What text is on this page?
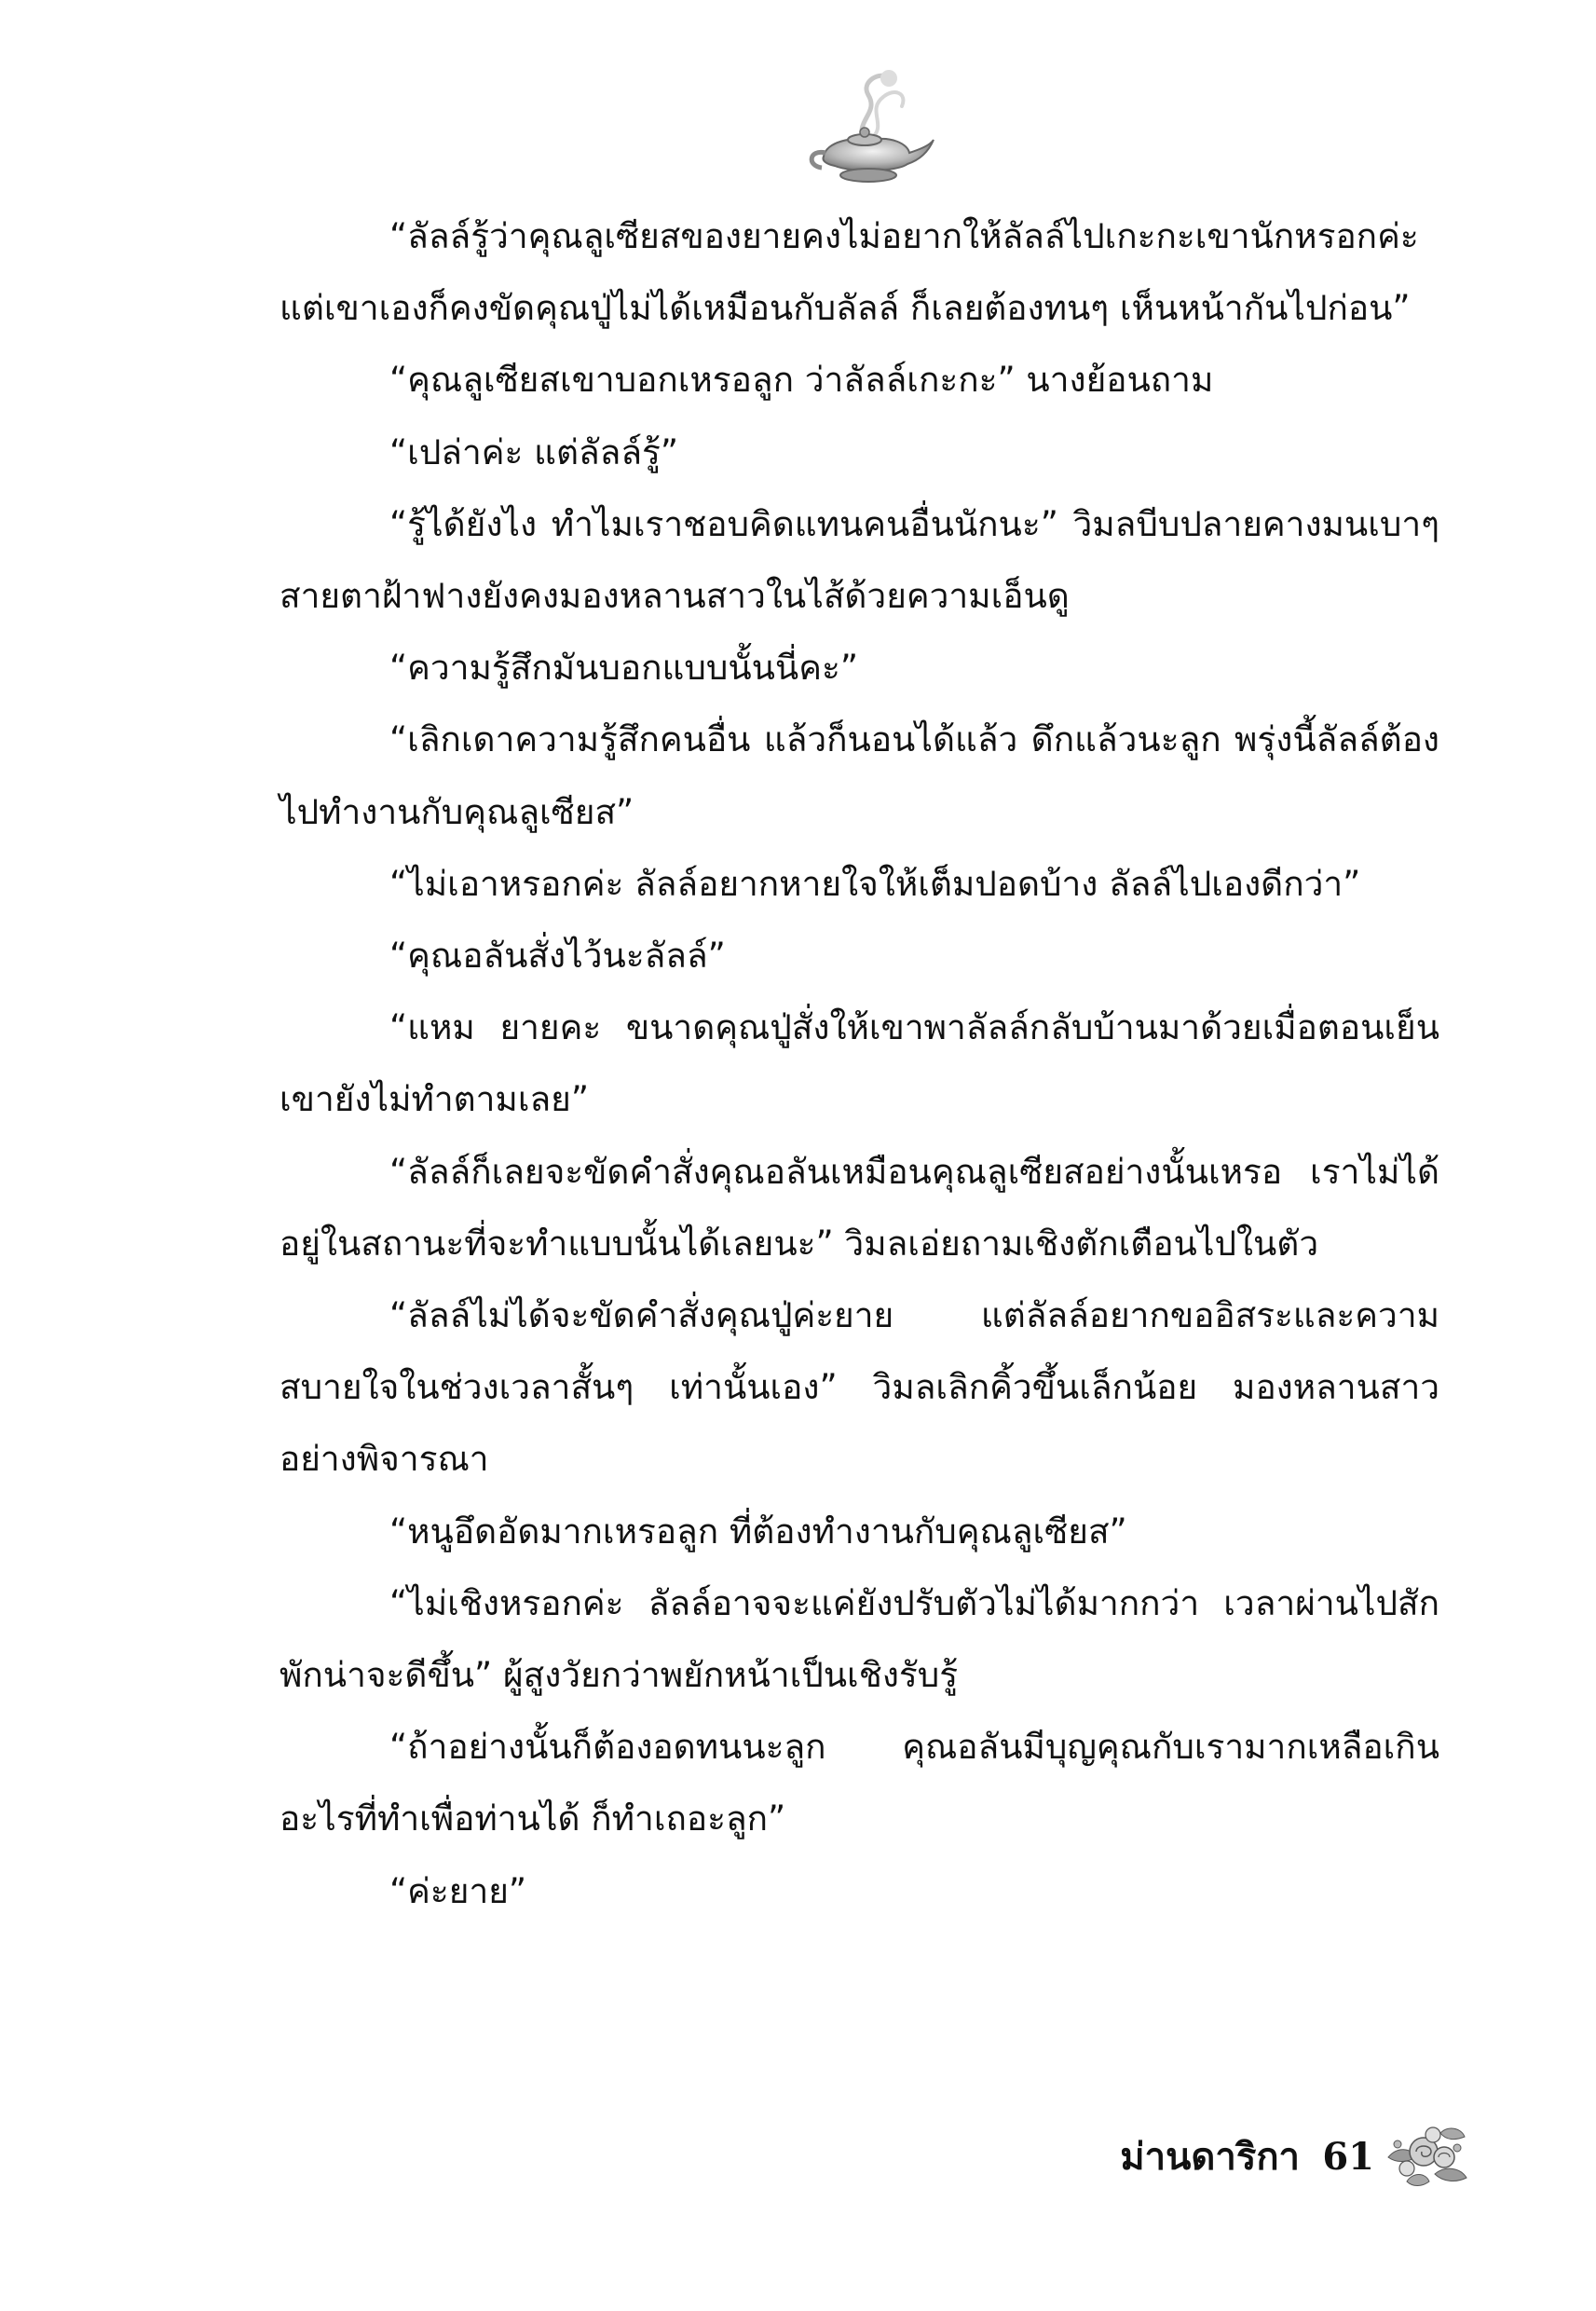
“ลัลล์รู้ว่าคุณลูเซียสของยายคงไม่อยากให้ลัลล์ไปเกะกะเขานักหรอกค่ะ แต่เขาเองก็คงขัดคุณปู่ไม่ได้เหมือนกับลัลล์ ก็เลยต้องทนๆ เห็นหน้ากันไปก่อน”

“คุณลูเซียสเขาบอกเหรอลูก ว่าลัลล์เกะกะ” นางย้อนถาม

“เปล่าค่ะ แต่ลัลล์รู้”

“รู้ได้ยังไง ทำไมเราชอบคิดแทนคนอื่นนักนะ” วิมลบีบปลายคางมนเบาๆ สายตาฝ้าฟางยังคงมองหลานสาวในไส้ด้วยความเอ็นดู

“ความรู้สึกมันบอกแบบนั้นนี่คะ”

“เลิกเดาความรู้สึกคนอื่น แล้วก็นอนได้แล้ว ดึกแล้วนะลูก พรุ่งนี้ลัลล์ต้องไปทำงานกับคุณลูเซียส”

“ไม่เอาหรอกค่ะ ลัลล์อยากหายใจให้เต็มปอดบ้าง ลัลล์ไปเองดีกว่า”

“คุณอลันสั่งไว้นะลัลล์”

“แหม ยายคะ ขนาดคุณปู่สั่งให้เขาพาลัลล์กลับบ้านมาด้วยเมื่อตอนเย็น เขายังไม่ทำตามเลย”

“ลัลล์ก็เลยจะขัดคำสั่งคุณอลันเหมือนคุณลูเซียสอย่างนั้นเหรอ เราไม่ได้อยู่ในสถานะที่จะทำแบบนั้นได้เลยนะ” วิมลเอ่ยถามเชิงตักเตือนไปในตัว

“ลัลล์ไม่ได้จะขัดคำสั่งคุณปู่ค่ะยาย แต่ลัลล์อยากขออิสระและความสบายใจในช่วงเวลาสั้นๆ เท่านั้นเอง” วิมลเลิกคิ้วขึ้นเล็กน้อย มองหลานสาวอย่างพิจารณา

“หนูอึดอัดมากเหรอลูก ที่ต้องทำงานกับคุณลูเซียส”

“ไม่เชิงหรอกค่ะ ลัลล์อาจจะแค่ยังปรับตัวไม่ได้มากกว่า เวลาผ่านไปสักพักน่าจะดีขึ้น” ผู้สูงวัยกว่าพยักหน้าเป็นเชิงรับรู้

“ถ้าอย่างนั้นก็ต้องอดทนนะลูก คุณอลันมีบุญคุณกับเรามากเหลือเกิน อะไรที่ทำเพื่อท่านได้ ก็ทำเถอะลูก”

“ค่ะยาย”

ม่านดาริกา 61
